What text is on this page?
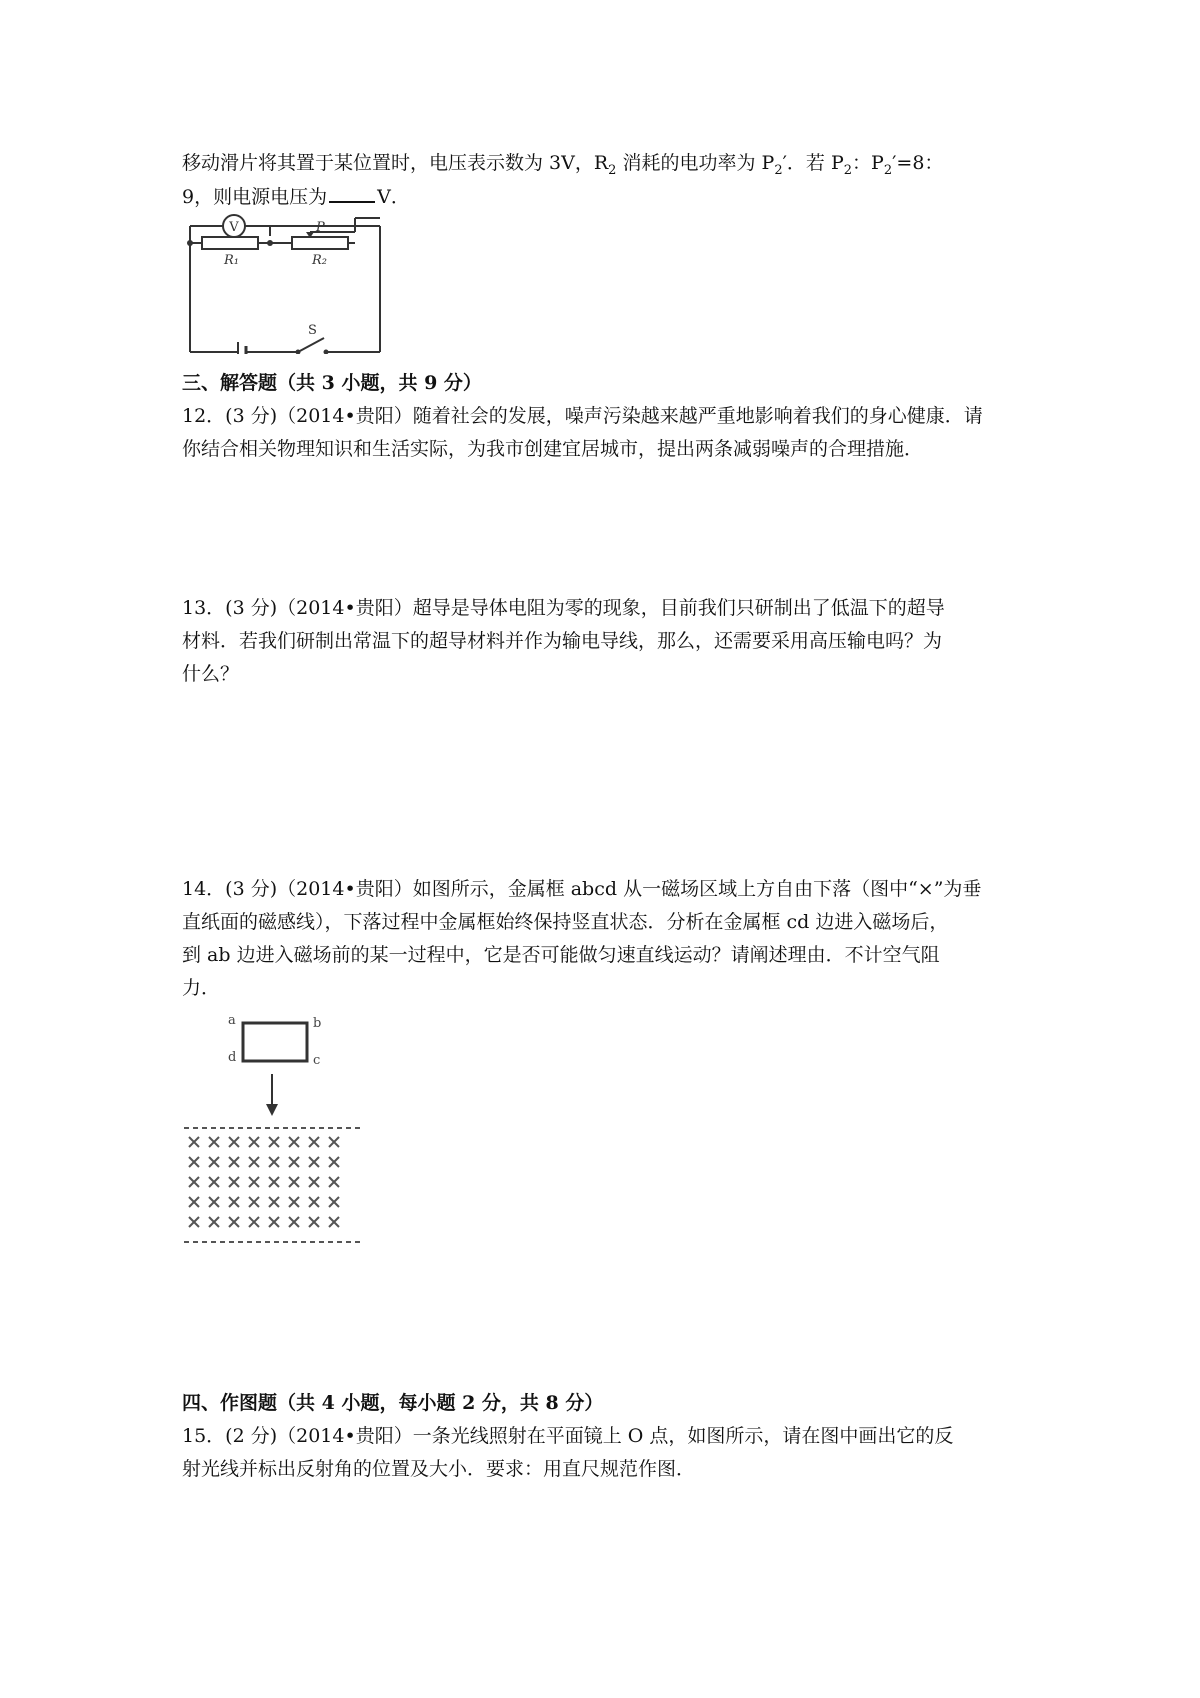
移动滑片将其置于某位置时，电压表示数为 3V，$R_2$ 消耗的电功率为 $P_2'$．若 $P_2$：$P_2'=8$：
9，则电源电压为	V．
V	P
R₁	R₂
S
三、解答题（共 3 小题，共 9 分）
12．(3 分)（2014•贵阳）随着社会的发展，噪声污染越来越严重地影响着我们的身心健康．请
你结合相关物理知识和生活实际，为我市创建宜居城市，提出两条减弱噪声的合理措施．
13．(3 分)（2014•贵阳）超导是导体电阻为零的现象，目前我们只研制出了低温下的超导
材料．若我们研制出常温下的超导材料并作为输电导线，那么，还需要采用高压输电吗？为
什么？
14．(3 分)（2014•贵阳）如图所示，金属框 abcd 从一磁场区域上方自由下落（图中“×”为垂
直纸面的磁感线），下落过程中金属框始终保持竖直状态．分析在金属框 cd 边进入磁场后，
到 ab 边进入磁场前的某一过程中，它是否可能做匀速直线运动？请阐述理由．不计空气阻
力．
a	b
d	c
四、作图题（共 4 小题，每小题 2 分，共 8 分）
15．(2 分)（2014•贵阳）一条光线照射在平面镜上 O 点，如图所示，请在图中画出它的反
射光线并标出反射角的位置及大小．要求：用直尺规范作图．
